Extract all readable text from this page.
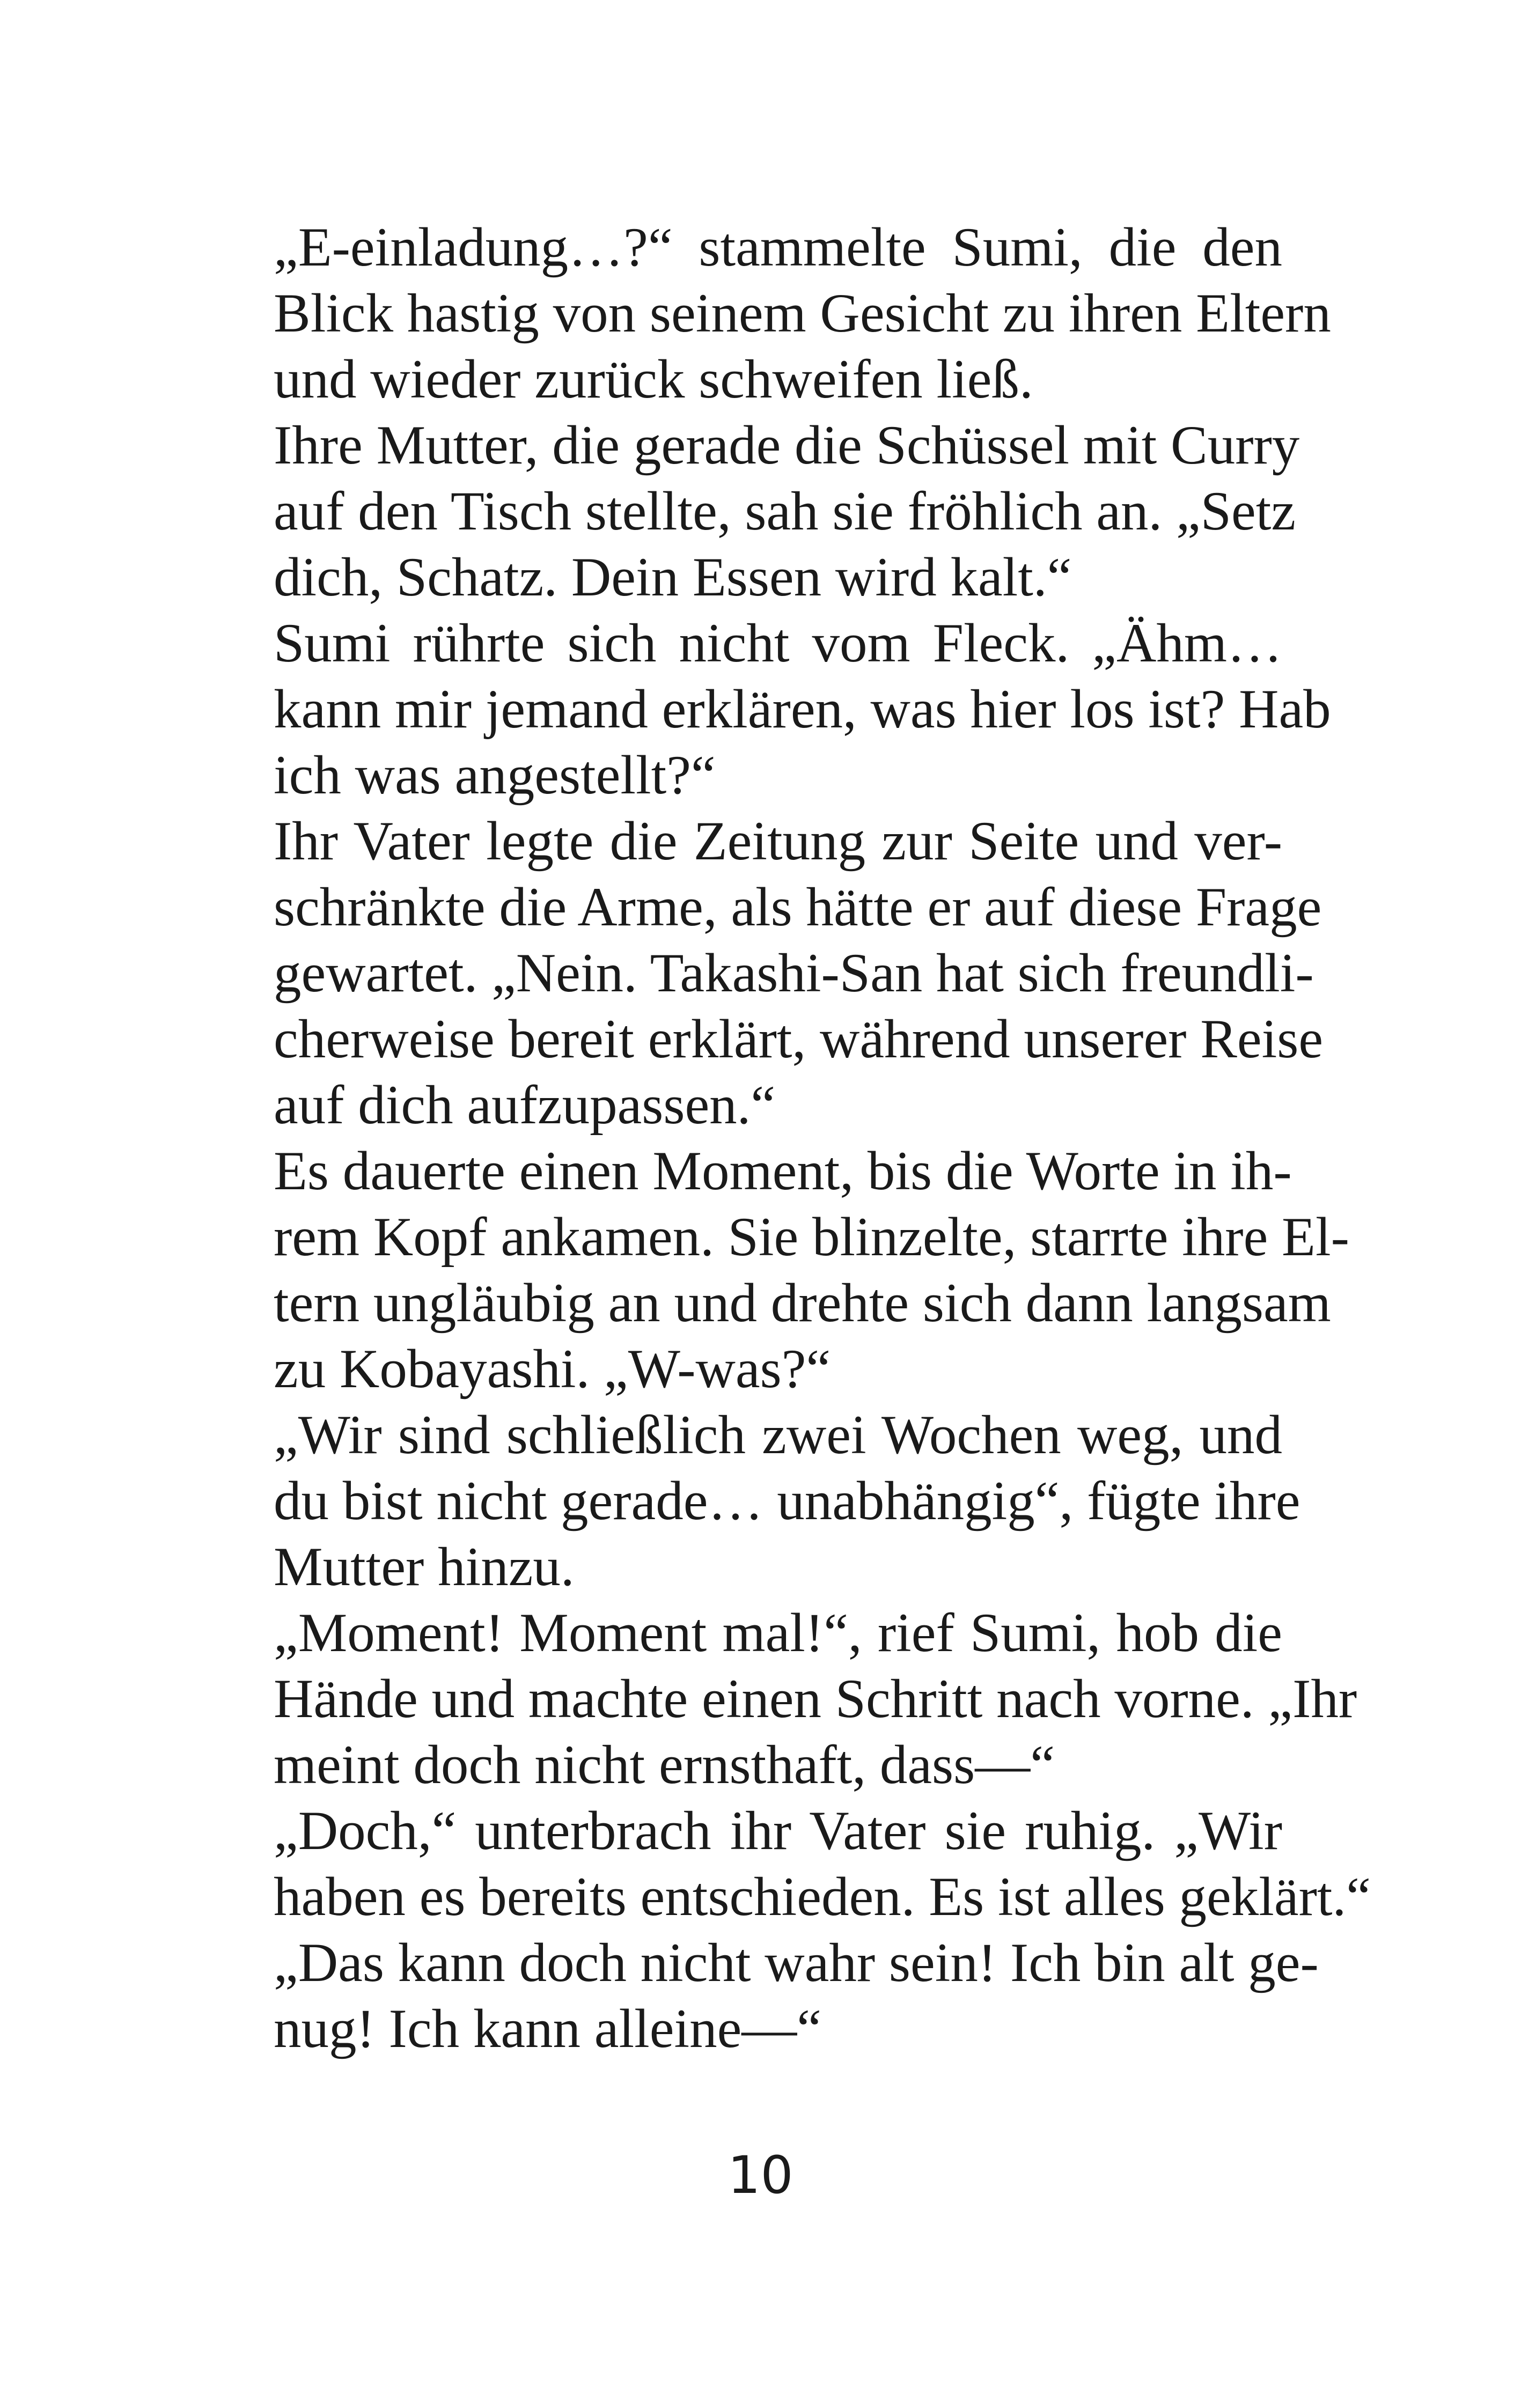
„E-einladung…?“ stammelte Sumi, die den
Blick hastig von seinem Gesicht zu ihren Eltern
und wieder zurück schweifen ließ.

Ihre Mutter, die gerade die Schüssel mit Curry
auf den Tisch stellte, sah sie fröhlich an. „Setz
dich, Schatz. Dein Essen wird kalt.“

Sumi rührte sich nicht vom Fleck. „Ähm…
kann mir jemand erklären, was hier los ist? Hab
ich was angestellt?“

Ihr Vater legte die Zeitung zur Seite und ver-
schränkte die Arme, als hätte er auf diese Frage
gewartet. „Nein. Takashi-San hat sich freundli-
cherweise bereit erklärt, während unserer Reise
auf dich aufzupassen.“

Es dauerte einen Moment, bis die Worte in ih-
rem Kopf ankamen. Sie blinzelte, starrte ihre El-
tern ungläubig an und drehte sich dann langsam
zu Kobayashi. „W-was?“

„Wir sind schließlich zwei Wochen weg, und
du bist nicht gerade… unabhängig“, fügte ihre
Mutter hinzu.

„Moment! Moment mal!“, rief Sumi, hob die
Hände und machte einen Schritt nach vorne. „Ihr
meint doch nicht ernsthaft, dass—“

„Doch,“ unterbrach ihr Vater sie ruhig. „Wir
haben es bereits entschieden. Es ist alles geklärt.“

„Das kann doch nicht wahr sein! Ich bin alt ge-
nug! Ich kann alleine—“

10
